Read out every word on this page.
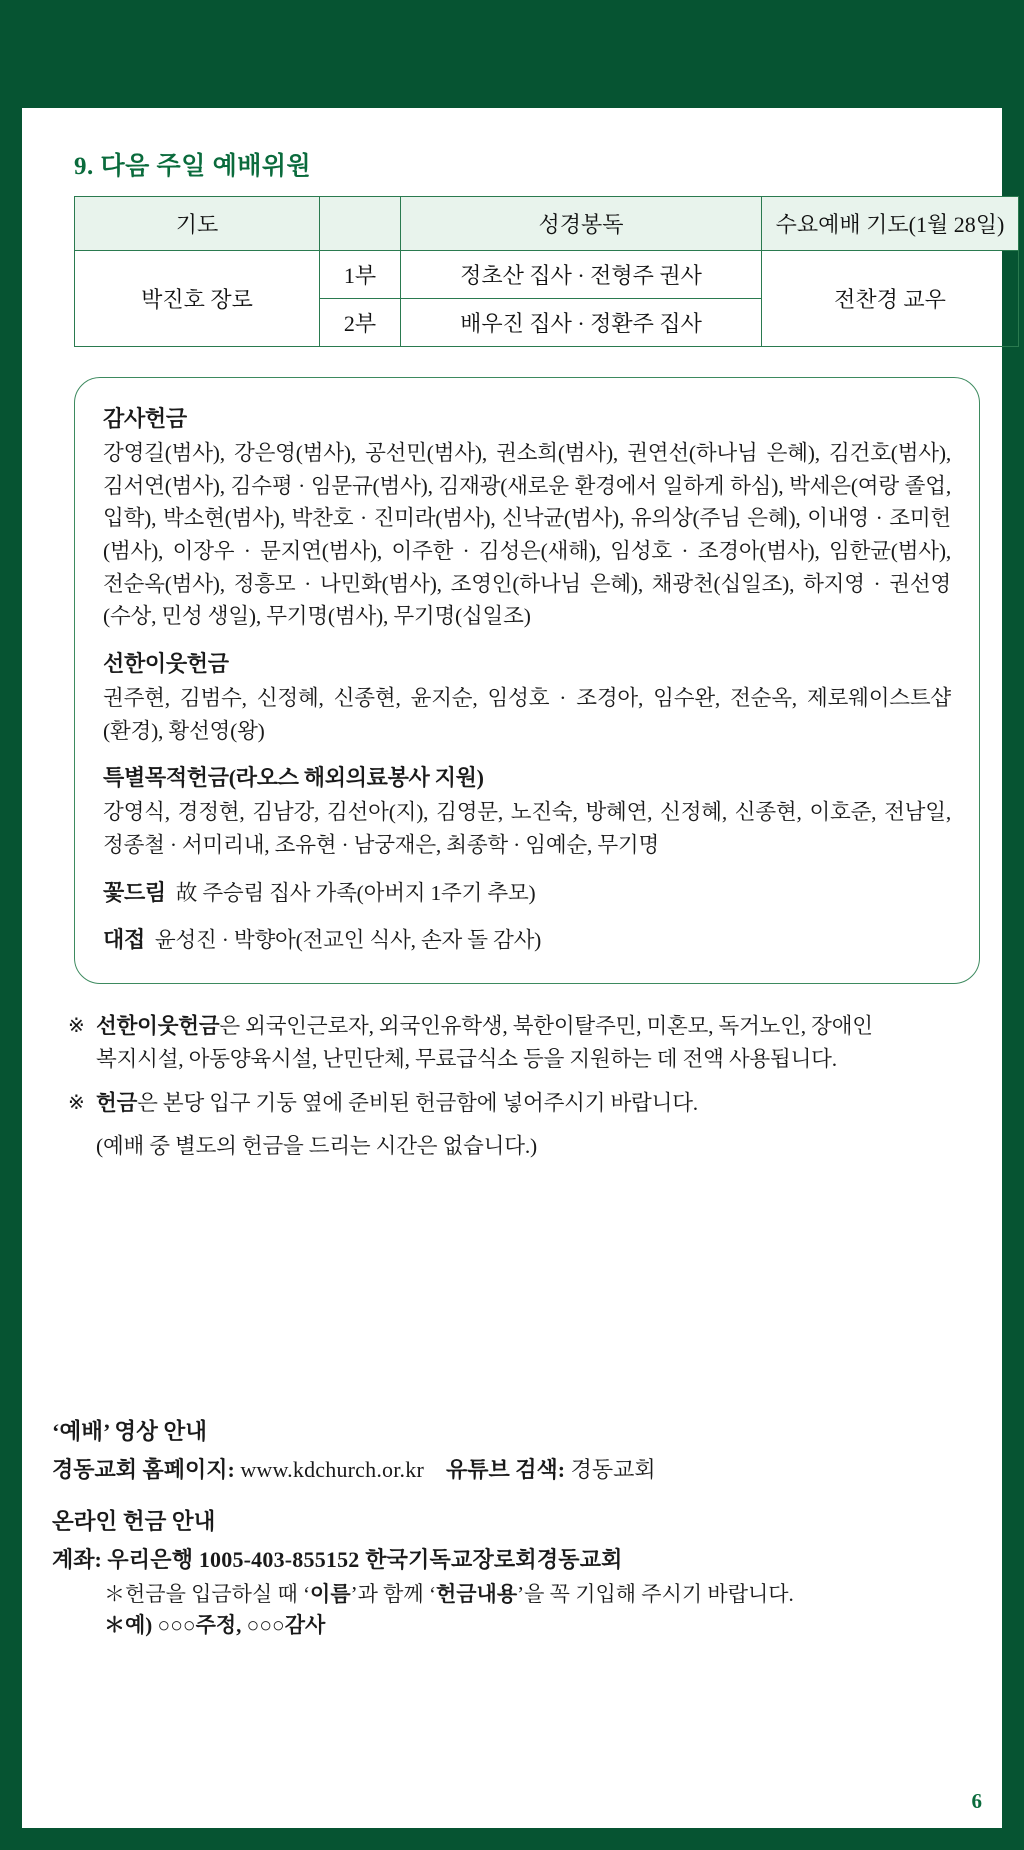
9. 다음 주일 예배위원
기도		성경봉독	수요예배 기도(1월 28일)
박진호 장로	1부	정초산 집사 · 전형주 권사	전찬경 교우
	2부	배우진 집사 · 정환주 집사	
감사헌금
강영길(범사), 강은영(범사), 공선민(범사), 권소희(범사), 권연선(하나님 은혜), 김건호(범사), 김서연(범사), 김수평 · 임문규(범사), 김재광(새로운 환경에서 일하게 하심), 박세은(여랑 졸업, 입학), 박소현(범사), 박찬호 · 진미라(범사), 신낙균(범사), 유의상(주님 은혜), 이내영 · 조미헌(범사), 이장우 · 문지연(범사), 이주한 · 김성은(새해), 임성호 · 조경아(범사), 임한균(범사), 전순옥(범사), 정흥모 · 나민화(범사), 조영인(하나님 은혜), 채광천(십일조), 하지영 · 권선영(수상, 민성 생일), 무기명(범사), 무기명(십일조)
선한이웃헌금
권주현, 김범수, 신정혜, 신종현, 윤지순, 임성호 · 조경아, 임수완, 전순옥, 제로웨이스트샵(환경), 황선영(왕)
특별목적헌금(라오스 해외의료봉사 지원)
강영식, 경정현, 김남강, 김선아(지), 김영문, 노진숙, 방혜연, 신정혜, 신종현, 이호준, 전남일, 정종철 · 서미리내, 조유현 · 남궁재은, 최종학 · 임예순, 무기명
꽃드림 故 주승림 집사 가족(아버지 1주기 추모)
대접 윤성진 · 박향아(전교인 식사, 손자 돌 감사)
※ 선한이웃헌금은 외국인근로자, 외국인유학생, 북한이탈주민, 미혼모, 독거노인, 장애인 복지시설, 아동양육시설, 난민단체, 무료급식소 등을 지원하는 데 전액 사용됩니다.
※ 헌금은 본당 입구 기둥 옆에 준비된 헌금함에 넣어주시기 바랍니다.
(예배 중 별도의 헌금을 드리는 시간은 없습니다.)
‘예배’ 영상 안내
경동교회 홈페이지: www.kdchurch.or.kr 유튜브 검색: 경동교회
온라인 헌금 안내
계좌: 우리은행 1005-403-855152 한국기독교장로회경동교회
＊헌금을 입금하실 때 ‘이름’과 함께 ‘헌금내용’을 꼭 기입해 주시기 바랍니다.
＊예) ○○○주정, ○○○감사
6
